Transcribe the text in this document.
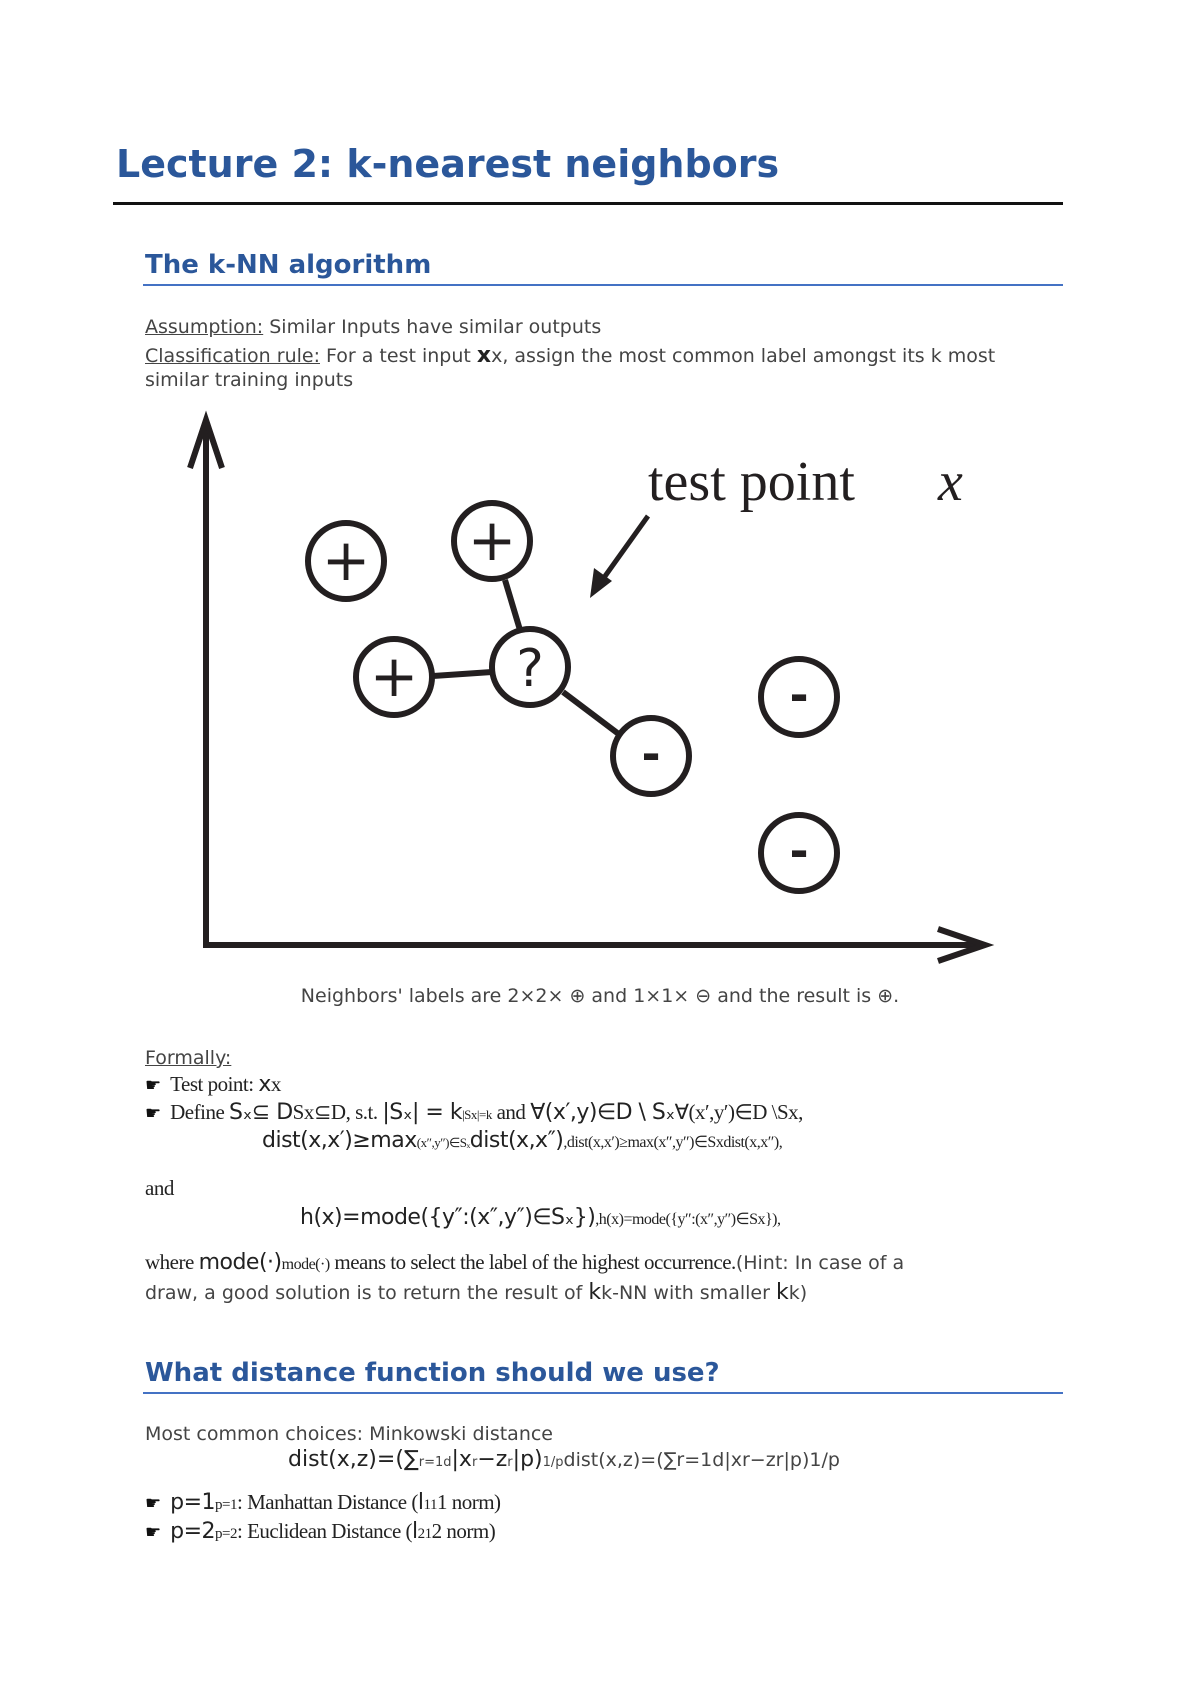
Lecture 2: k-nearest neighbors
The k-NN algorithm
Assumption: Similar Inputs have similar outputs
Classification rule: For a test input xx, assign the most common label amongst its k most
similar training inputs
+ +
+ ?
-
-
-
test point x
Neighbors' labels are 2×2× ⊕ and 1×1× ⊖ and the result is ⊕.
Formally:
☛ Test point: xx
☛ Define Sₓ⊆ DSx⊆D, s.t. |Sₓ| = k|Sx|=k and ∀(x′,y)∈D \ Sₓ∀(x′,y′)∈D \Sx,
dist(x,x′)≥max(x″,y″)∈Sₓdist(x,x″),dist(x,x′)≥max(x″,y″)∈Sxdist(x,x″),
and
h(x)=mode({y″:(x″,y″)∈Sₓ}),h(x)=mode({y″:(x″,y″)∈Sx}),
where mode(·)mode(·) means to select the label of the highest occurrence.(Hint: In case of a
draw, a good solution is to return the result of kk-NN with smaller kk)
What distance function should we use?
Most common choices: Minkowski distance
dist(x,z)=(∑r=1d|xr−zr|p)1/pdist(x,z)=(∑r=1d|xr−zr|p)1/p
☛ p=1p=1: Manhattan Distance (l111 norm)
☛ p=2p=2: Euclidean Distance (l212 norm)
